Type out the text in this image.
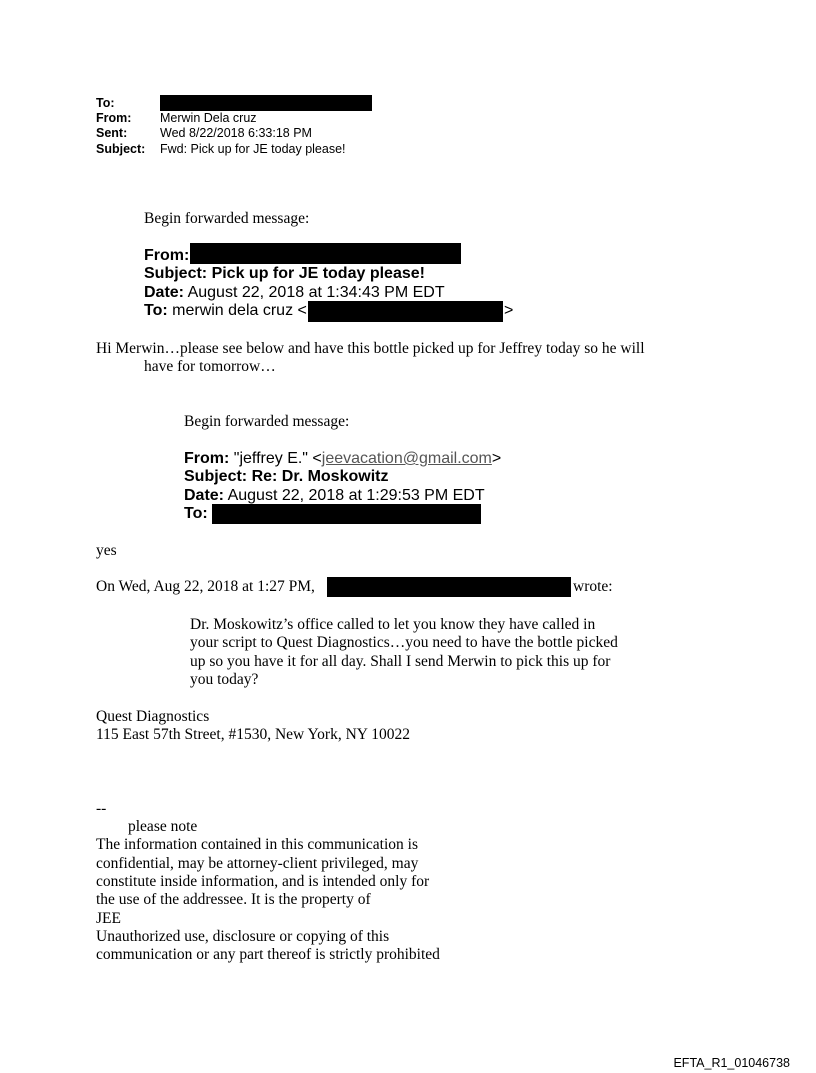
To:
From: Merwin Dela cruz
Sent:	Wed 8/22/2018 6:33:18 PM
Subject: Fwd: Pick up for JE today please!
Begin forwarded message:
From:
Subject: Pick up for JE today please!
Date: August 22, 2018 at 1:34:43 PM EDT
To: merwin dela cruz <	>
Hi Merwin…please see below and have this bottle picked up for Jeffrey today so he will
have for tomorrow…
Begin forwarded message:
From: "jeffrey E." <jeevacation@gmail.com>
Subject: Re: Dr. Moskowitz
Date: August 22, 2018 at 1:29:53 PM EDT
To:
yes
On Wed, Aug 22, 2018 at 1:27 PM,	wrote:
Dr. Moskowitz’s office called to let you know they have called in
your script to Quest Diagnostics…you need to have the bottle picked
up so you have it for all day. Shall I send Merwin to pick this up for
you today?
Quest Diagnostics
115 East 57th Street, #1530, New York, NY 10022
--
please note
The information contained in this communication is
confidential, may be attorney-client privileged, may
constitute inside information, and is intended only for
the use of the addressee. It is the property of
JEE
Unauthorized use, disclosure or copying of this
communication or any part thereof is strictly prohibited
EFTA_R1_01046738
